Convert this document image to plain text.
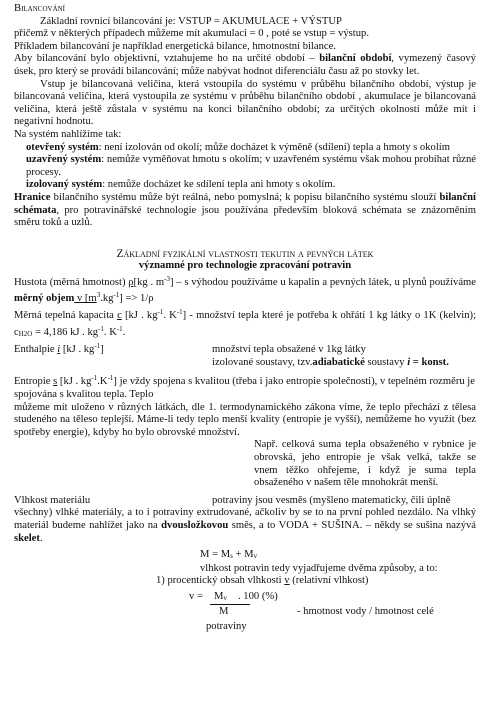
Bilancování

Základní rovnicí bilancování je: VSTUP = AKUMULACE + VÝSTUP

přičemž v některých případech můžeme mít akumulaci = 0 , poté se vstup = výstup.

Příkladem bilancování je například energetická bilance, hmotnostní bilance.

Aby bilancování bylo objektivní, vztahujeme ho na určité období – bilanční období, vymezený časový úsek, pro který se provádí bilancování; může nabývat hodnot diferenciálu času až po stovky let.

Vstup je bilancovaná veličina, která vstoupila do systému v průběhu bilančního období, výstup je bilancovaná veličina, která vystoupila ze systému v průběhu bilančního období , akumulace je bilancovaná veličina, která ještě zůstala v systému na konci bilančního období; za určitých okolností může mít i negativní hodnotu.

Na systém nahlížíme tak:

otevřený systém: není izolován od okolí; může docházet k výměně (sdílení) tepla a hmoty s okolím

uzavřený systém: nemůže vyměňovat hmotu s okolím; v uzavřeném systému však mohou probíhat různé procesy.

izolovaný systém: nemůže docházet ke sdílení tepla ani hmoty s okolím.

Hranice bilančního systému může být reálná, nebo pomyslná; k popisu bilančního systému slouží bilanční schémata, pro potravinářské technologie jsou používána především bloková schémata se znázorněním směru toků a uzlů.

Základní fyzikální vlastnosti tekutin a pevných látek

významné pro technologie zpracování potravin

Hustota (měrná hmotnost) ρ[kg . $m^{-3}$] – s výhodou používáme u kapalin a pevných látek, u plynů používáme měrný objem v $[m^3.kg^{-1}] => 1/\rho$

Měrná tepelná kapacita c [kJ . $kg^{-1}$. $K^{-1}$] - množství tepla které je potřeba k ohřátí 1 kg látky o 1K (kelvin); cH2O = 4,186 kJ . $kg^{-1}$. $K^{-1}$.

Enthalpie i [kJ . $kg^{-1}$]	množství tepla obsažené v 1kg látky

izolované soustavy, tzv.adiabatické soustavy i = konst.

Entropie s [kJ . $kg^{-1}.K^{-1}$] je vždy spojena s kvalitou (třeba i jako entropie společnosti), v tepelném rozměru je spojována s kvalitou tepla. Teplo

můžeme mít uloženo v různých látkách, dle 1. termodynamického zákona víme, že teplo přechází z tělesa studeného na těleso teplejší. Máme-li tedy teplo menší kvality (entropie je vyšší), nemůžeme ho využít (bez spotřeby energie), kdyby ho bylo obrovské množství.

Např. celková suma tepla obsaženého v rybnice je obrovská, jeho entropie je však velká, takže se vnem těžko ohřejeme, i když je suma tepla obsaženého v našem těle mnohokrát menší.

Vlhkost materiálu	potraviny jsou vesměs (myšleno matematicky, čili úplně

všechny) vlhké materiály, a to i potraviny extrudované, ačkoliv by se to na první pohled nezdálo. Na vlhký materiál budeme nahlížet jako na dvousložkovou směs, a to VODA + SUŠINA. – někdy se sušina nazývá skelet.

M = Ms + Mv

vlhkost potravin tedy vyjadřujeme dvěma způsoby, a to:

1) procentický obsah vlhkosti v (relativní vlhkost)

v = Mv . 100 (%)
M	- hmotnost vody / hmotnost celé
potraviny
